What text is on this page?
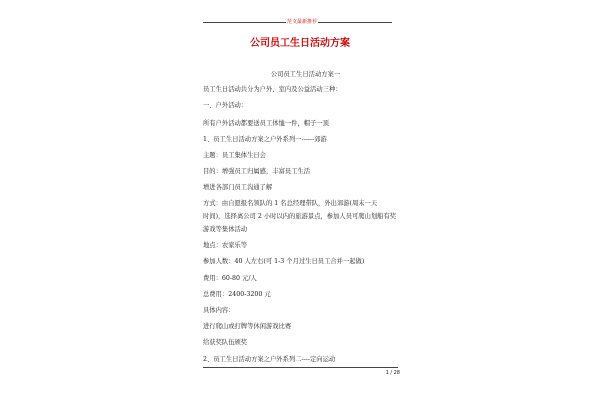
范文最新推荐
公司员工生日活动方案
公司员工生日活动方案一
员工生日活动共分为户外、室内及公益活动三种：
一、户外活动：
所有户外活动都要送员工体恤一件，帽子一顶
1、员工生日活动方案之户外系列一------郊游
主题：员工集体生日会
目的：增强员工归属感，丰富员工生活
增进各部门员工沟通了解
方式：由自愿报名领队的 1 名总经理带队，外出郊游(周末一天
时间)，选择离公司 2 小时以内的旅游景点，参加人员可爬山划船有奖
游戏等集体活动
地点：农家乐等
参加人数：40 人左右(可 1-3 个月过生日员工合并一起做)
费用：60-80 元/人
总费用：2400-3200 元
具体内容：
进行爬山或打牌等休闲游戏比赛
给获奖队伍颁奖
2、员工生日活动方案之户外系列二----定向运动
1 / 28
